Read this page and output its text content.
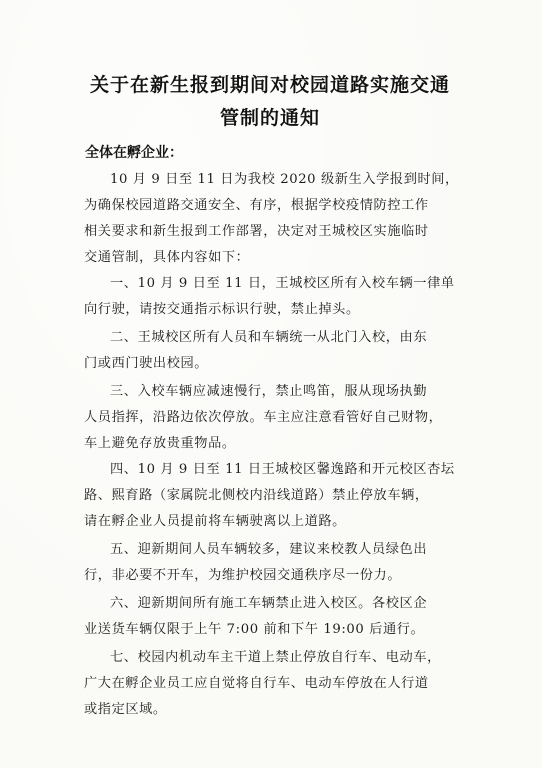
关于在新生报到期间对校园道路实施交通
管制的通知
全体在孵企业：
10 月 9 日至 11 日为我校 2020 级新生入学报到时间，
为确保校园道路交通安全、有序，根据学校疫情防控工作
相关要求和新生报到工作部署，决定对王城校区实施临时
交通管制，具体内容如下：
一、10 月 9 日至 11 日，王城校区所有入校车辆一律单
向行驶，请按交通指示标识行驶，禁止掉头。
二、王城校区所有人员和车辆统一从北门入校，由东
门或西门驶出校园。
三、入校车辆应减速慢行，禁止鸣笛，服从现场执勤
人员指挥，沿路边依次停放。车主应注意看管好自己财物，
车上避免存放贵重物品。
四、10 月 9 日至 11 日王城校区馨逸路和开元校区杏坛
路、熙育路（家属院北侧校内沿线道路）禁止停放车辆，
请在孵企业人员提前将车辆驶离以上道路。
五、迎新期间人员车辆较多，建议来校教人员绿色出
行，非必要不开车，为维护校园交通秩序尽一份力。
六、迎新期间所有施工车辆禁止进入校区。各校区企
业送货车辆仅限于上午 7:00 前和下午 19:00 后通行。
七、校园内机动车主干道上禁止停放自行车、电动车，
广大在孵企业员工应自觉将自行车、电动车停放在人行道
或指定区域。
